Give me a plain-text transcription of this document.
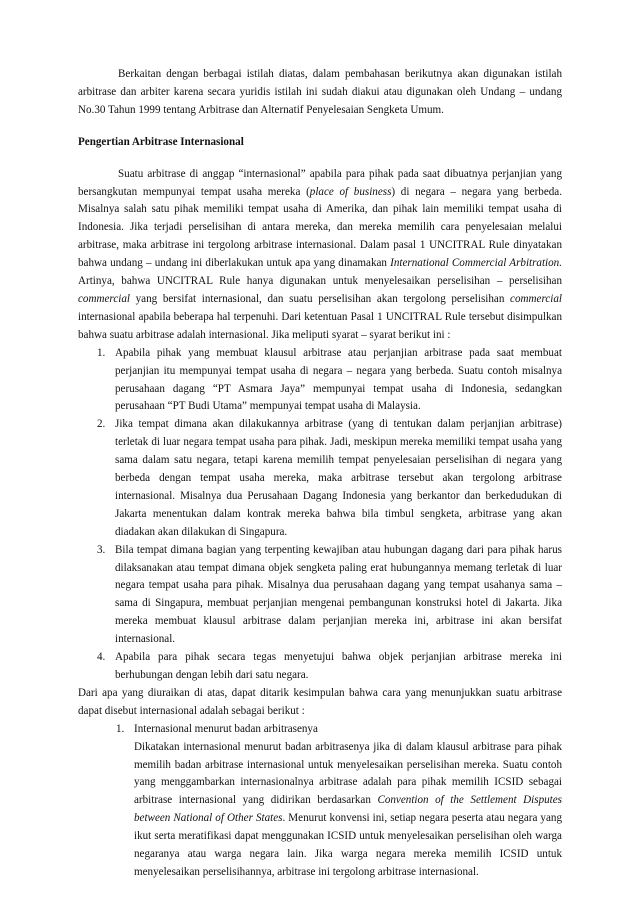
Berkaitan dengan berbagai istilah diatas, dalam pembahasan berikutnya akan digunakan istilah arbitrase dan arbiter karena secara yuridis istilah ini sudah diakui atau digunakan oleh Undang – undang No.30 Tahun 1999 tentang Arbitrase dan Alternatif Penyelesaian Sengketa Umum.

Pengertian Arbitrase Internasional

Suatu arbitrase di anggap “internasional” apabila para pihak pada saat dibuatnya perjanjian yang bersangkutan mempunyai tempat usaha mereka (place of business) di negara – negara yang berbeda. Misalnya salah satu pihak memiliki tempat usaha di Amerika, dan pihak lain memiliki tempat usaha di Indonesia. Jika terjadi perselisihan di antara mereka, dan mereka memilih cara penyelesaian melalui arbitrase, maka arbitrase ini tergolong arbitrase internasional. Dalam pasal 1 UNCITRAL Rule dinyatakan bahwa undang – undang ini diberlakukan untuk apa yang dinamakan International Commercial Arbitration. Artinya, bahwa UNCITRAL Rule hanya digunakan untuk menyelesaikan perselisihan – perselisihan commercial yang bersifat internasional, dan suatu perselisihan akan tergolong perselisihan commercial internasional apabila beberapa hal terpenuhi. Dari ketentuan Pasal 1 UNCITRAL Rule tersebut disimpulkan bahwa suatu arbitrase adalah internasional. Jika meliputi syarat – syarat berikut ini :

1. Apabila pihak yang membuat klausul arbitrase atau perjanjian arbitrase pada saat membuat perjanjian itu mempunyai tempat usaha di negara – negara yang berbeda. Suatu contoh misalnya perusahaan dagang “PT Asmara Jaya” mempunyai tempat usaha di Indonesia, sedangkan perusahaan “PT Budi Utama” mempunyai tempat usaha di Malaysia.
2. Jika tempat dimana akan dilakukannya arbitrase (yang di tentukan dalam perjanjian arbitrase) terletak di luar negara tempat usaha para pihak. Jadi, meskipun mereka memiliki tempat usaha yang sama dalam satu negara, tetapi karena memilih tempat penyelesaian perselisihan di negara yang berbeda dengan tempat usaha mereka, maka arbitrase tersebut akan tergolong arbitrase internasional. Misalnya dua Perusahaan Dagang Indonesia yang berkantor dan berkedudukan di Jakarta menentukan dalam kontrak mereka bahwa bila timbul sengketa, arbitrase yang akan diadakan akan dilakukan di Singapura.
3. Bila tempat dimana bagian yang terpenting kewajiban atau hubungan dagang dari para pihak harus dilaksanakan atau tempat dimana objek sengketa paling erat hubungannya memang terletak di luar negara tempat usaha para pihak. Misalnya dua perusahaan dagang yang tempat usahanya sama – sama di Singapura, membuat perjanjian mengenai pembangunan konstruksi hotel di Jakarta. Jika mereka membuat klausul arbitrase dalam perjanjian mereka ini, arbitrase ini akan bersifat internasional.
4. Apabila para pihak secara tegas menyetujui bahwa objek perjanjian arbitrase mereka ini berhubungan dengan lebih dari satu negara.

Dari apa yang diuraikan di atas, dapat ditarik kesimpulan bahwa cara yang menunjukkan suatu arbitrase dapat disebut internasional adalah sebagai berikut :

1. Internasional menurut badan arbitrasenya
Dikatakan internasional menurut badan arbitrasenya jika di dalam klausul arbitrase para pihak memilih badan arbitrase internasional untuk menyelesaikan perselisihan mereka. Suatu contoh yang menggambarkan internasionalnya arbitrase adalah para pihak memilih ICSID sebagai arbitrase internasional yang didirikan berdasarkan Convention of the Settlement Disputes between National of Other States. Menurut konvensi ini, setiap negara peserta atau negara yang ikut serta meratifikasi dapat menggunakan ICSID untuk menyelesaikan perselisihan oleh warga negaranya atau warga negara lain. Jika warga negara mereka memilih ICSID untuk menyelesaikan perselisihannya, arbitrase ini tergolong arbitrase internasional.
